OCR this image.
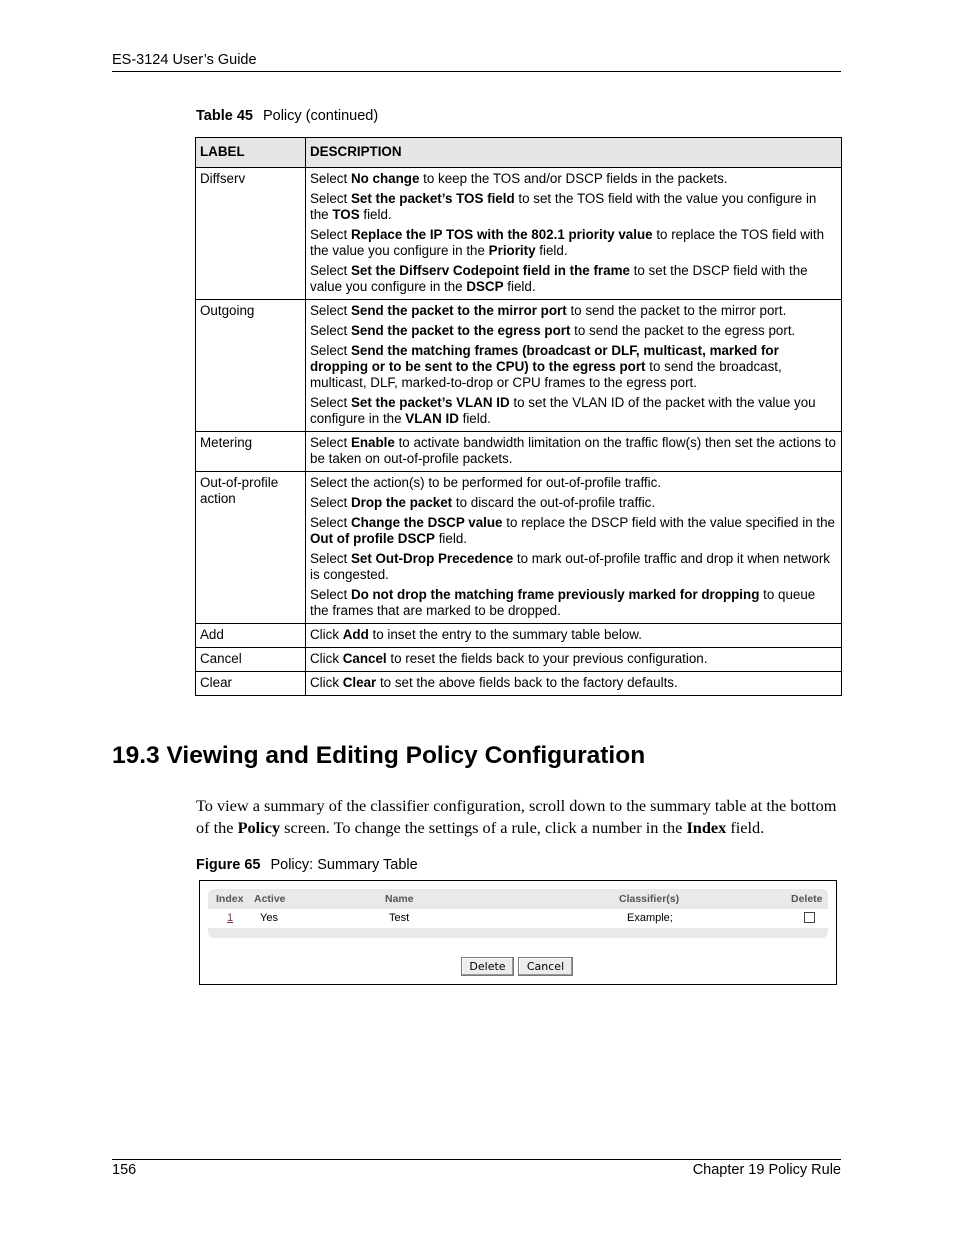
ES-3124 User’s Guide
Table 45 Policy (continued)
LABEL	DESCRIPTION
Diffserv	Select No change to keep the TOS and/or DSCP fields in the packets.

Select Set the packet’s TOS field to set the TOS field with the value you configure in the TOS field.

Select Replace the IP TOS with the 802.1 priority value to replace the TOS field with the value you configure in the Priority field.

Select Set the Diffserv Codepoint field in the frame to set the DSCP field with the value you configure in the DSCP field.

Outgoing	Select Send the packet to the mirror port to send the packet to the mirror port.

Select Send the packet to the egress port to send the packet to the egress port.

Select Send the matching frames (broadcast or DLF, multicast, marked for dropping or to be sent to the CPU) to the egress port to send the broadcast, multicast, DLF, marked-to-drop or CPU frames to the egress port.

Select Set the packet’s VLAN ID to set the VLAN ID of the packet with the value you configure in the VLAN ID field.

Metering	Select Enable to activate bandwidth limitation on the traffic flow(s) then set the actions to be taken on out-of-profile packets.

Out-of-profile action	Select the action(s) to be performed for out-of-profile traffic.

Select Drop the packet to discard the out-of-profile traffic.

Select Change the DSCP value to replace the DSCP field with the value specified in the Out of profile DSCP field.

Select Set Out-Drop Precedence to mark out-of-profile traffic and drop it when network is congested.

Select Do not drop the matching frame previously marked for dropping to queue the frames that are marked to be dropped.

Add	Click Add to inset the entry to the summary table below.

Cancel	Click Cancel to reset the fields back to your previous configuration.

Clear	Click Clear to set the above fields back to the factory defaults.

19.3 Viewing and Editing Policy Configuration
To view a summary of the classifier configuration, scroll down to the summary table at the bottom of the Policy screen. To change the settings of a rule, click a number in the Index field.
Figure 65 Policy: Summary Table
Index Active	Name	Classifier(s)	Delete
1 Yes	Test	Example;
Delete	Cancel
156	Chapter 19 Policy Rule
